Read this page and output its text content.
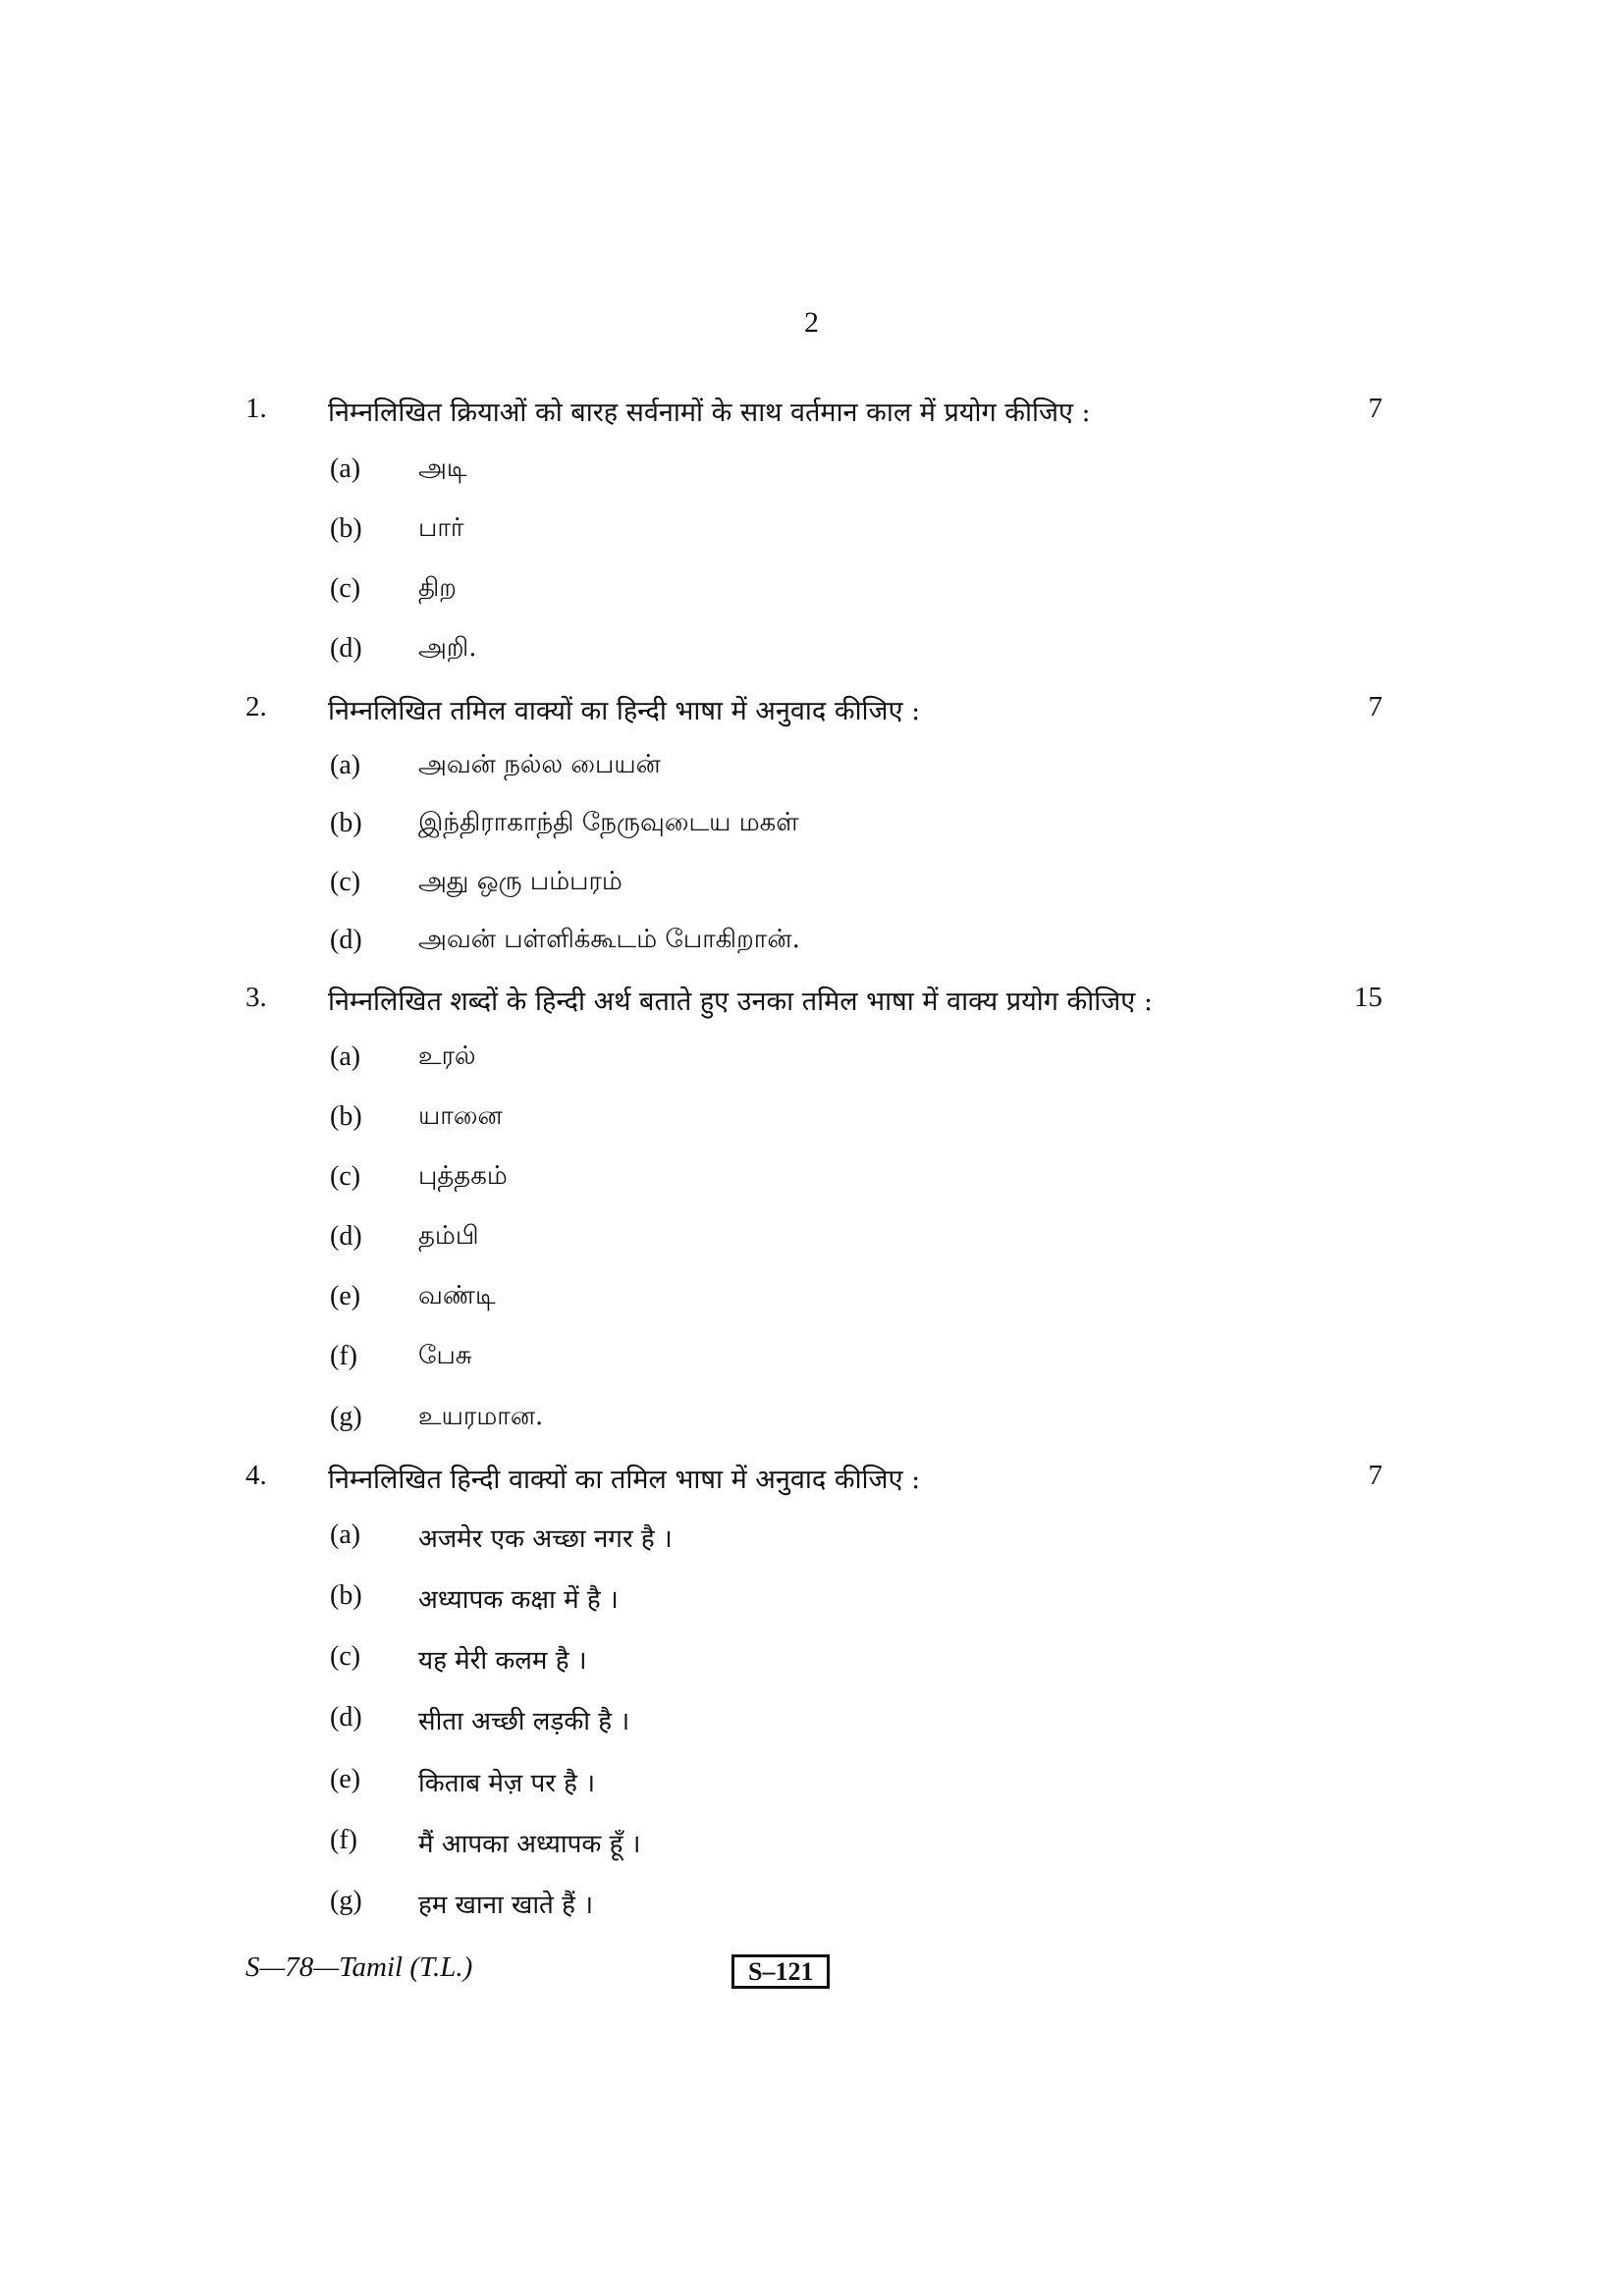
2
1. निम्नलिखित क्रियाओं को बारह सर्वनामों के साथ वर्तमान काल में प्रयोग कीजिए :	7
(a) அடி
(b) பார்
(c) திற
(d) அறி.
2. निम्नलिखित तमिल वाक्यों का हिन्दी भाषा में अनुवाद कीजिए :	7
(a) அவன் நல்ல பையன்
(b) இந்திராகாந்தி நேருவுடைய மகள்
(c) அது ஒரு பம்பரம்
(d) அவன் பள்ளிக்கூடம் போகிறான்.
3. निम्नलिखित शब्दों के हिन्दी अर्थ बताते हुए उनका तमिल भाषा में वाक्य प्रयोग कीजिए :	15
(a) உரல்
(b) யானை
(c) புத்தகம்
(d) தம்பி
(e) வண்டி
(f) பேசு
(g) உயரமான.
4. निम्नलिखित हिन्दी वाक्यों का तमिल भाषा में अनुवाद कीजिए :	7
(a) अजमेर एक अच्छा नगर है ।
(b) अध्यापक कक्षा में है ।
(c) यह मेरी कलम है ।
(d) सीता अच्छी लड़की है ।
(e) किताब मेज़ पर है ।
(f) मैं आपका अध्यापक हूँ ।
(g) हम खाना खाते हैं ।
S—78—Tamil (T.L.)	S–121
